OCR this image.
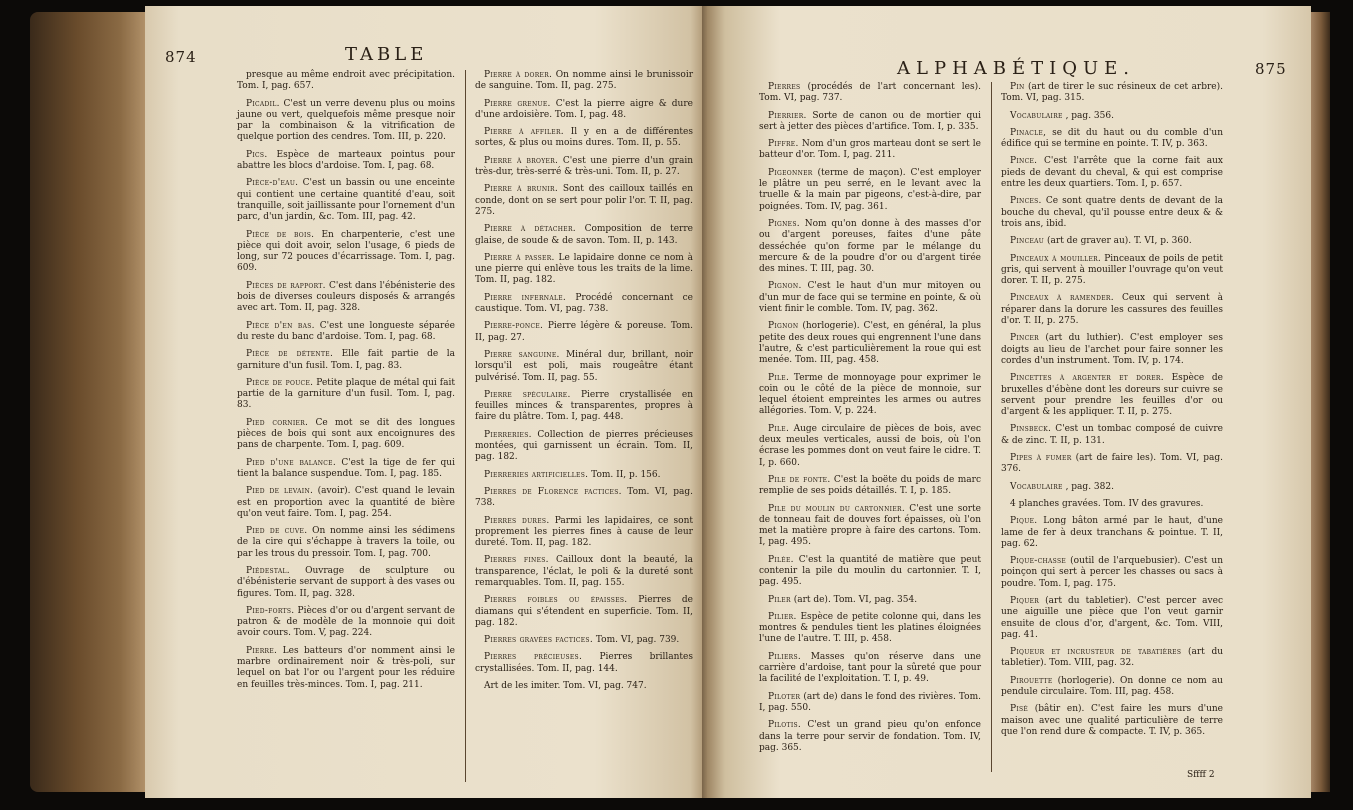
874	TABLE

presque au même endroit avec précipitation. Tom. I, pag. 657.

Picadil. C'est un verre devenu plus ou moins jaune ou vert, quelquefois même presque noir par la combinaison & la vitrification de quelque portion des cendres. Tom. III, p. 220.

Pics. Espèce de marteaux pointus pour abattre les blocs d'ardoise. Tom. I, pag. 68.

Pièce-d'eau. C'est un bassin ou une enceinte qui contient une certaine quantité d'eau, soit tranquille, soit jaillissante pour l'ornement d'un parc, d'un jardin, &c. Tom. III, pag. 42.

Pièce de bois. En charpenterie, c'est une pièce qui doit avoir, selon l'usage, 6 pieds de long, sur 72 pouces d'écarrissage. Tom. I, pag. 609.

Pièces de rapport. C'est dans l'ébénisterie des bois de diverses couleurs disposés & arrangés avec art. Tom. II, pag. 328.

Pièce d'en bas. C'est une longueste séparée du reste du banc d'ardoise. Tom. I, pag. 68.

Pièce de détente. Elle fait partie de la garniture d'un fusil. Tom. I, pag. 83.

Pièce de pouce. Petite plaque de métal qui fait partie de la garniture d'un fusil. Tom. I, pag. 83.

Pied cornier. Ce mot se dit des longues pièces de bois qui sont aux encoignures des pans de charpente. Tom. I, pag. 609.

Pied d'une balance. C'est la tige de fer qui tient la balance suspendue. Tom. I, pag. 185.

Pied de levain. (avoir). C'est quand le levain est en proportion avec la quantité de bière qu'on veut faire. Tom. I, pag. 254.

Pied de cuve. On nomme ainsi les sédimens de la cire qui s'échappe à travers la toile, ou par les trous du pressoir. Tom. I, pag. 700.

Piédestal. Ouvrage de sculpture ou d'ébénisterie servant de support à des vases ou figures. Tom. II, pag. 328.

Pied-forts. Pièces d'or ou d'argent servant de patron & de modèle de la monnoie qui doit avoir cours. Tom. V, pag. 224.

Pierre. Les batteurs d'or nomment ainsi le marbre ordinairement noir & très-poli, sur lequel on bat l'or ou l'argent pour les réduire en feuilles très-minces. Tom. I, pag. 211.

Pierre à dorer. On nomme ainsi le brunissoir de sanguine. Tom. II, pag. 275.

Pierre grenue. C'est la pierre aigre & dure d'une ardoisière. Tom. I, pag. 48.

Pierre à affiler. Il y en a de différentes sortes, & plus ou moins dures. Tom. II, p. 55.

Pierre à broyer. C'est une pierre d'un grain très-dur, très-serré & très-uni. Tom. II, p. 27.

Pierre à brunir. Sont des cailloux taillés en conde, dont on se sert pour polir l'or. T. II, pag. 275.

Pierre à détacher. Composition de terre glaise, de soude & de savon. Tom. II, p. 143.

Pierre à passer. Le lapidaire donne ce nom à une pierre qui enlève tous les traits de la lime. Tom. II, pag. 182.

Pierre infernale. Procédé concernant ce caustique. Tom. VI, pag. 738.

Pierre-ponce. Pierre légère & poreuse. Tom. II, pag. 27.

Pierre sanguine. Minéral dur, brillant, noir lorsqu'il est poli, mais rougeâtre étant pulvérisé. Tom. II, pag. 55.

Pierre spéculaire. Pierre crystallisée en feuilles minces & transparentes, propres à faire du plâtre. Tom. I, pag. 448.

Pierreries. Collection de pierres précieuses montées, qui garnissent un écrain. Tom. II, pag. 182.

Pierreries artificielles. Tom. II, p. 156.

Pierres de Florence factices. Tom. VI, pag. 738.

Pierres dures. Parmi les lapidaires, ce sont proprement les pierres fines à cause de leur dureté. Tom. II, pag. 182.

Pierres fines. Cailloux dont la beauté, la transparence, l'éclat, le poli & la dureté sont remarquables. Tom. II, pag. 155.

Pierres foibles ou épaisses. Pierres de diamans qui s'étendent en superficie. Tom. II, pag. 182.

Pierres gravées factices. Tom. VI, pag. 739.

Pierres précieuses. Pierres brillantes crystallisées. Tom. II, pag. 144.

Art de les imiter. Tom. VI, pag. 747.

ALPHABÉTIQUE.	875

Pierres (procédés de l'art concernant les). Tom. VI, pag. 737.

Pierrier. Sorte de canon ou de mortier qui sert à jetter des pièces d'artifice. Tom. I, p. 335.

Piffre. Nom d'un gros marteau dont se sert le batteur d'or. Tom. I, pag. 211.

Pigeonner (terme de maçon). C'est employer le plâtre un peu serré, en le levant avec la truelle & la main par pigeons, c'est-à-dire, par poignées. Tom. IV, pag. 361.

Pignes. Nom qu'on donne à des masses d'or ou d'argent poreuses, faites d'une pâte desséchée qu'on forme par le mélange du mercure & de la poudre d'or ou d'argent tirée des mines. T. III, pag. 30.

Pignon. C'est le haut d'un mur mitoyen ou d'un mur de face qui se termine en pointe, & où vient finir le comble. Tom. IV, pag. 362.

Pignon (horlogerie). C'est, en général, la plus petite des deux roues qui engrennent l'une dans l'autre, & c'est particulièrement la roue qui est menée. Tom. III, pag. 458.

Pile. Terme de monnoyage pour exprimer le coin ou le côté de la pièce de monnoie, sur lequel étoient empreintes les armes ou autres allégories. Tom. V, p. 224.

Pile. Auge circulaire de pièces de bois, avec deux meules verticales, aussi de bois, où l'on écrase les pommes dont on veut faire le cidre. T. I, p. 660.

Pile de fonte. C'est la boëte du poids de marc remplie de ses poids détaillés. T. I, p. 185.

Pile du moulin du cartonnier. C'est une sorte de tonneau fait de douves fort épaisses, où l'on met la matière propre à faire des cartons. Tom. I, pag. 495.

Pilée. C'est la quantité de matière que peut contenir la pile du moulin du cartonnier. T. I, pag. 495.

Piler (art de). Tom. VI, pag. 354.

Pilier. Espèce de petite colonne qui, dans les montres & pendules tient les platines éloignées l'une de l'autre. T. III, p. 458.

Piliers. Masses qu'on réserve dans une carrière d'ardoise, tant pour la sûreté que pour la facilité de l'exploitation. T. I, p. 49.

Piloter (art de) dans le fond des rivières. Tom. I, pag. 550.

Pilotis. C'est un grand pieu qu'on enfonce dans la terre pour servir de fondation. Tom. IV, pag. 365.

Pin (art de tirer le suc résineux de cet arbre). Tom. VI, pag. 315.

Vocabulaire , pag. 356.

Pinacle, se dit du haut ou du comble d'un édifice qui se termine en pointe. T. IV, p. 363.

Pince. C'est l'arrête que la corne fait aux pieds de devant du cheval, & qui est comprise entre les deux quartiers. Tom. I, p. 657.

Pinces. Ce sont quatre dents de devant de la bouche du cheval, qu'il pousse entre deux & & trois ans, ibid.

Pinceau (art de graver au). T. VI, p. 360.

Pinceaux à mouiller. Pinceaux de poils de petit gris, qui servent à mouiller l'ouvrage qu'on veut dorer. T. II, p. 275.

Pinceaux à ramender. Ceux qui servent à réparer dans la dorure les cassures des feuilles d'or. T. II, p. 275.

Pincer (art du luthier). C'est employer ses doigts au lieu de l'archet pour faire sonner les cordes d'un instrument. Tom. IV, p. 174.

Pincettes à argenter et dorer. Espèce de bruxelles d'ébène dont les doreurs sur cuivre se servent pour prendre les feuilles d'or ou d'argent & les appliquer. T. II, p. 275.

Pinsbeck. C'est un tombac composé de cuivre & de zinc. T. II, p. 131.

Pipes à fumer (art de faire les). Tom. VI, pag. 376.

Vocabulaire , pag. 382.

4 planches gravées. Tom. IV des gravures.

Pique. Long bâton armé par le haut, d'une lame de fer à deux tranchans & pointue. T. II, pag. 62.

Pique-chasse (outil de l'arquebusier). C'est un poinçon qui sert à percer les chasses ou sacs à poudre. Tom. I, pag. 175.

Piquer (art du tabletier). C'est percer avec une aiguille une pièce que l'on veut garnir ensuite de clous d'or, d'argent, &c. Tom. VIII, pag. 41.

Piqueur et incrusteur de tabatières (art du tabletier). Tom. VIII, pag. 32.

Pirouette (horlogerie). On donne ce nom au pendule circulaire. Tom. III, pag. 458.

Pisé (bâtir en). C'est faire les murs d'une maison avec une qualité particulière de terre que l'on rend dure & compacte. T. IV, p. 365.

Sffff 2
